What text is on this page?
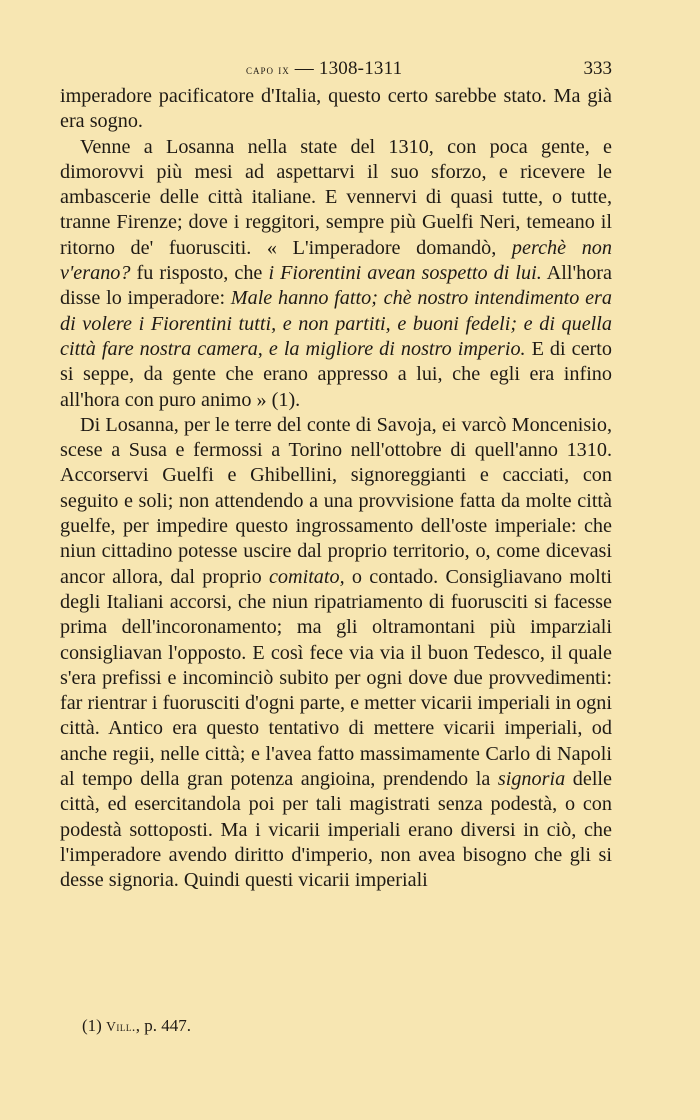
capo ix — 1308-1311	333

imperadore pacificatore d'Italia, questo certo sarebbe stato. Ma già era sogno.

Venne a Losanna nella state del 1310, con poca gente, e dimorovvi più mesi ad aspettarvi il suo sforzo, e ricevere le ambascerie delle città italiane. E vennervi di quasi tutte, o tutte, tranne Firenze; dove i reggitori, sempre più Guelfi Neri, temeano il ritorno de' fuorusciti. « L'imperadore domandò, perchè non v'erano? fu risposto, che i Fiorentini avean sospetto di lui. All'hora disse lo imperadore: Male hanno fatto; chè nostro intendimento era di volere i Fiorentini tutti, e non partiti, e buoni fedeli; e di quella città fare nostra camera, e la migliore di nostro imperio. E di certo si seppe, da gente che erano appresso a lui, che egli era infino all'hora con puro animo » (1).

Di Losanna, per le terre del conte di Savoja, ei varcò Moncenisio, scese a Susa e fermossi a Torino nell'ottobre di quell'anno 1310. Accorservi Guelfi e Ghibellini, signoreggianti e cacciati, con seguito e soli; non attendendo a una provvisione fatta da molte città guelfe, per impedire questo ingrossamento dell'oste imperiale: che niun cittadino potesse uscire dal proprio territorio, o, come dicevasi ancor allora, dal proprio comitato, o contado. Consigliavano molti degli Italiani accorsi, che niun ripatriamento di fuorusciti si facesse prima dell'incoronamento; ma gli oltramontani più imparziali consigliavan l'opposto. E così fece via via il buon Tedesco, il quale s'era prefissi e incominciò subito per ogni dove due provvedimenti: far rientrar i fuorusciti d'ogni parte, e metter vicarii imperiali in ogni città. Antico era questo tentativo di mettere vicarii imperiali, od anche regii, nelle città; e l'avea fatto massimamente Carlo di Napoli al tempo della gran potenza angioina, prendendo la signoria delle città, ed esercitandola poi per tali magistrati senza podestà, o con podestà sottoposti. Ma i vicarii imperiali erano diversi in ciò, che l'imperadore avendo diritto d'imperio, non avea bisogno che gli si desse signoria. Quindi questi vicarii imperiali

(1) Vill., p. 447.
